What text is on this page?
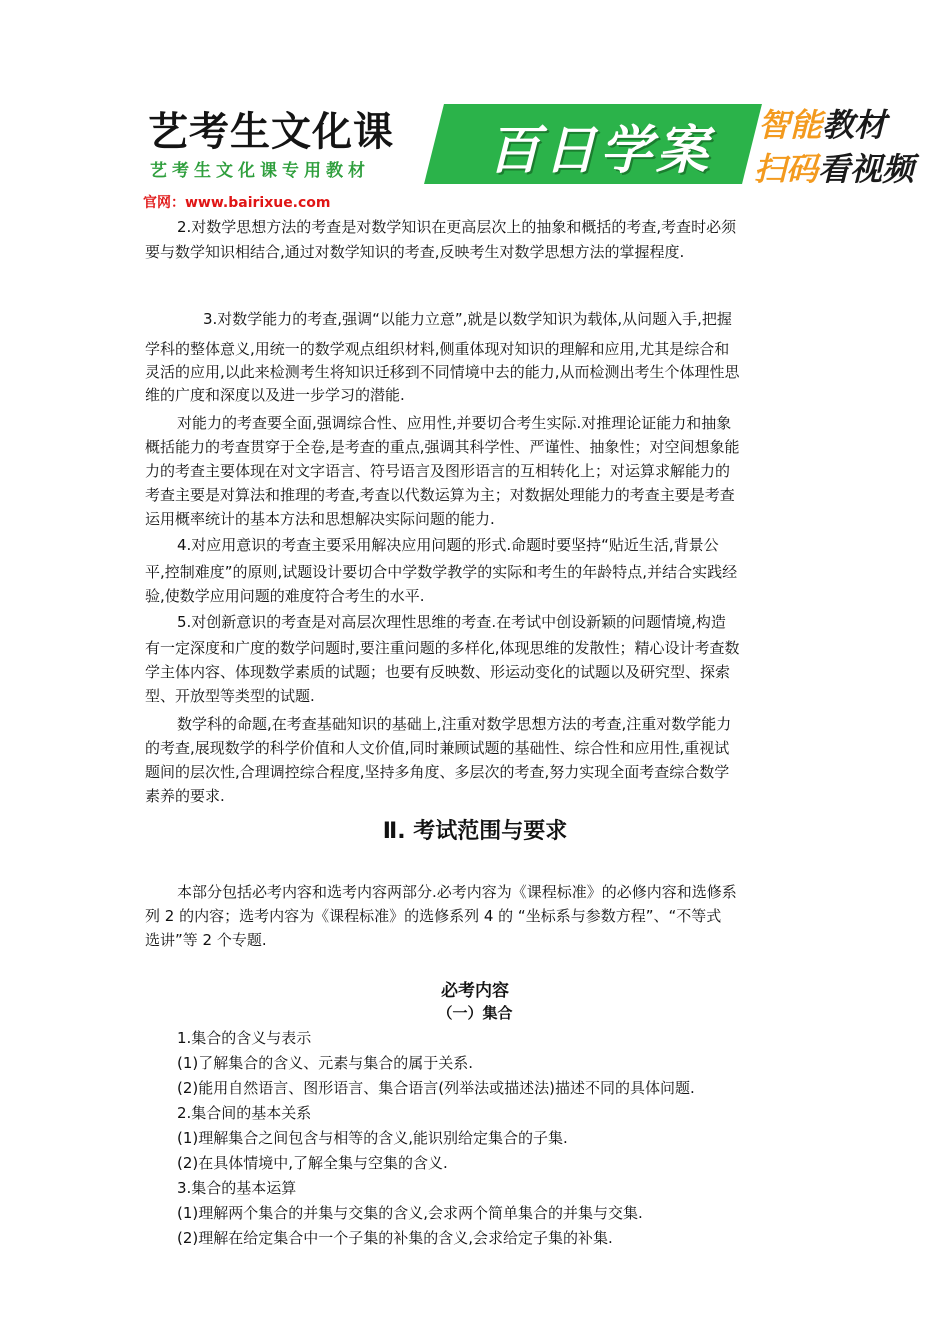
艺考生文化课
艺考生文化课专用教材	百日学案	智能教材
扫码看视频
官网：www.bairixue.com
2.对数学思想方法的考查是对数学知识在更高层次上的抽象和概括的考查,考查时必须
要与数学知识相结合,通过对数学知识的考查,反映考生对数学思想方法的掌握程度.
3.对数学能力的考查,强调“以能力立意”,就是以数学知识为载体,从问题入手,把握
学科的整体意义,用统一的数学观点组织材料,侧重体现对知识的理解和应用,尤其是综合和
灵活的应用,以此来检测考生将知识迁移到不同情境中去的能力,从而检测出考生个体理性思
维的广度和深度以及进一步学习的潜能.
对能力的考查要全面,强调综合性、应用性,并要切合考生实际.对推理论证能力和抽象
概括能力的考查贯穿于全卷,是考查的重点,强调其科学性、严谨性、抽象性；对空间想象能
力的考查主要体现在对文字语言、符号语言及图形语言的互相转化上；对运算求解能力的
考查主要是对算法和推理的考查,考查以代数运算为主；对数据处理能力的考查主要是考查
运用概率统计的基本方法和思想解决实际问题的能力.
4.对应用意识的考查主要采用解决应用问题的形式.命题时要坚持“贴近生活,背景公
平,控制难度”的原则,试题设计要切合中学数学教学的实际和考生的年龄特点,并结合实践经
验,使数学应用问题的难度符合考生的水平.
5.对创新意识的考查是对高层次理性思维的考查.在考试中创设新颖的问题情境,构造
有一定深度和广度的数学问题时,要注重问题的多样化,体现思维的发散性；精心设计考查数
学主体内容、体现数学素质的试题；也要有反映数、形运动变化的试题以及研究型、探索
型、开放型等类型的试题.
数学科的命题,在考查基础知识的基础上,注重对数学思想方法的考查,注重对数学能力
的考查,展现数学的科学价值和人文价值,同时兼顾试题的基础性、综合性和应用性,重视试
题间的层次性,合理调控综合程度,坚持多角度、多层次的考查,努力实现全面考查综合数学
素养的要求.
Ⅱ. 考试范围与要求
本部分包括必考内容和选考内容两部分.必考内容为《课程标准》的必修内容和选修系
列 2 的内容；选考内容为《课程标准》的选修系列 4 的 “坐标系与参数方程”、“不等式
选讲”等 2 个专题.
必考内容
（一）集合
1.集合的含义与表示
(1)了解集合的含义、元素与集合的属于关系.
(2)能用自然语言、图形语言、集合语言(列举法或描述法)描述不同的具体问题.
2.集合间的基本关系
(1)理解集合之间包含与相等的含义,能识别给定集合的子集.
(2)在具体情境中,了解全集与空集的含义.
3.集合的基本运算
(1)理解两个集合的并集与交集的含义,会求两个简单集合的并集与交集.
(2)理解在给定集合中一个子集的补集的含义,会求给定子集的补集.
